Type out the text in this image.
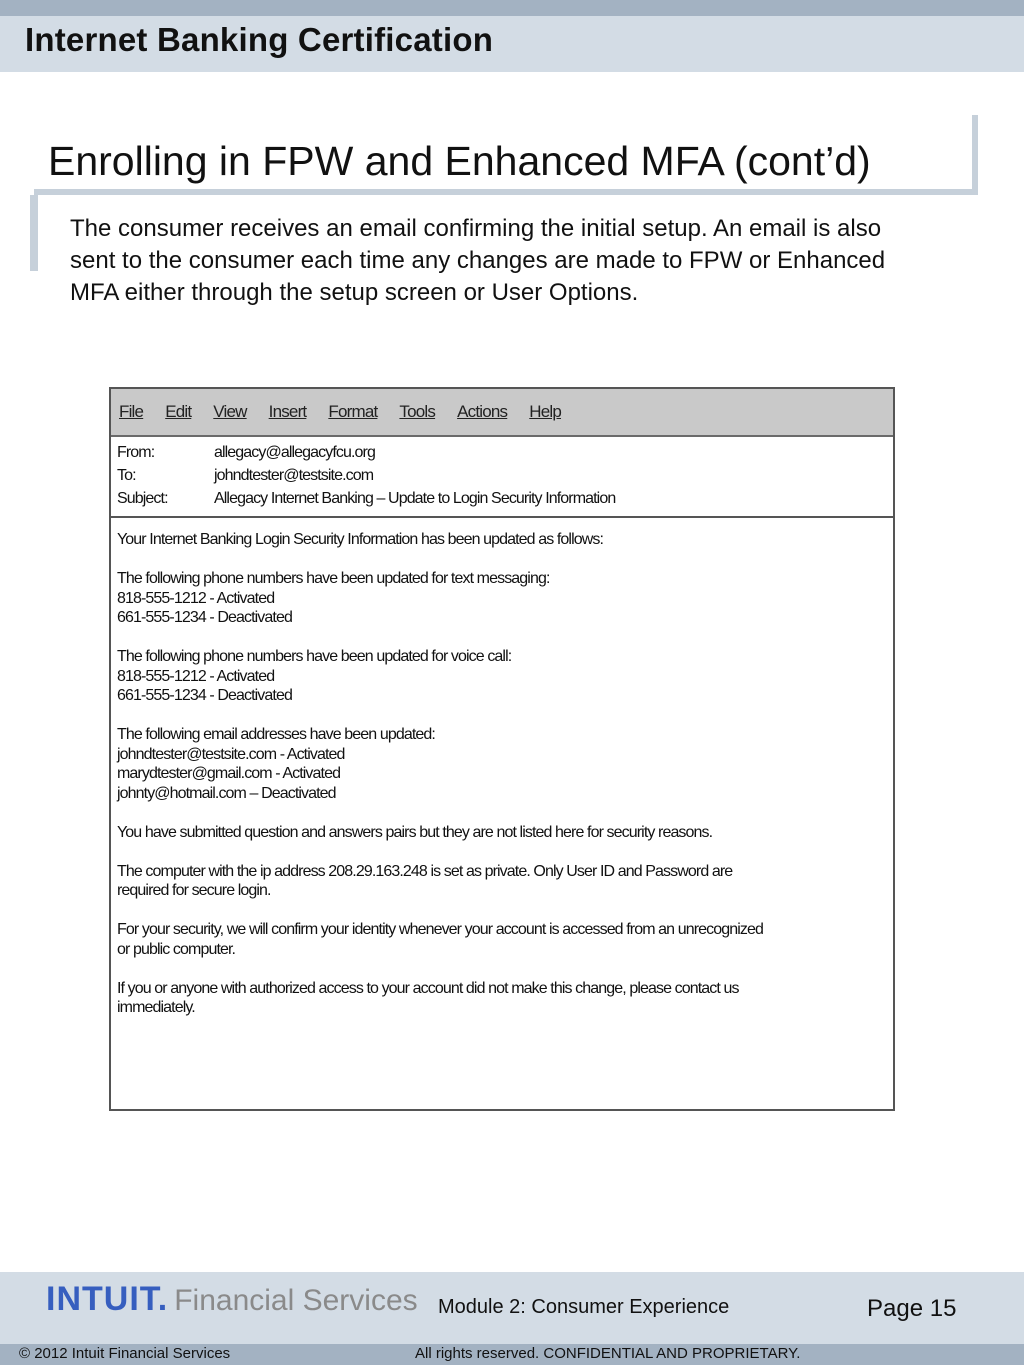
Internet Banking Certification
Enrolling in FPW and Enhanced MFA (cont’d)
The consumer receives an email confirming the initial setup. An email is also sent to the consumer each time any changes are made to FPW or Enhanced MFA either through the setup screen or User Options.
File Edit View Insert Format Tools Actions Help
From:	allegacy@allegacyfcu.org
To:	johndtester@testsite.com
Subject:	Allegacy Internet Banking – Update to Login Security Information

Your Internet Banking Login Security Information has been updated as follows:

The following phone numbers have been updated for text messaging:
818-555-1212 - Activated
661-555-1234 - Deactivated

The following phone numbers have been updated for voice call:
818-555-1212 - Activated
661-555-1234 - Deactivated

The following email addresses have been updated:
johndtester@testsite.com - Activated
marydtester@gmail.com - Activated
johnty@hotmail.com – Deactivated

You have submitted question and answers pairs but they are not listed here for security reasons.

The computer with the ip address 208.29.163.248 is set as private. Only User ID and Password are
required for secure login.

For your security, we will confirm your identity whenever your account is accessed from an unrecognized
or public computer.

If you or anyone with authorized access to your account did not make this change, please contact us
immediately.

INTUIT. Financial Services Module 2: Consumer Experience	Page 15
© 2012 Intuit Financial Services	All rights reserved. CONFIDENTIAL AND PROPRIETARY.
